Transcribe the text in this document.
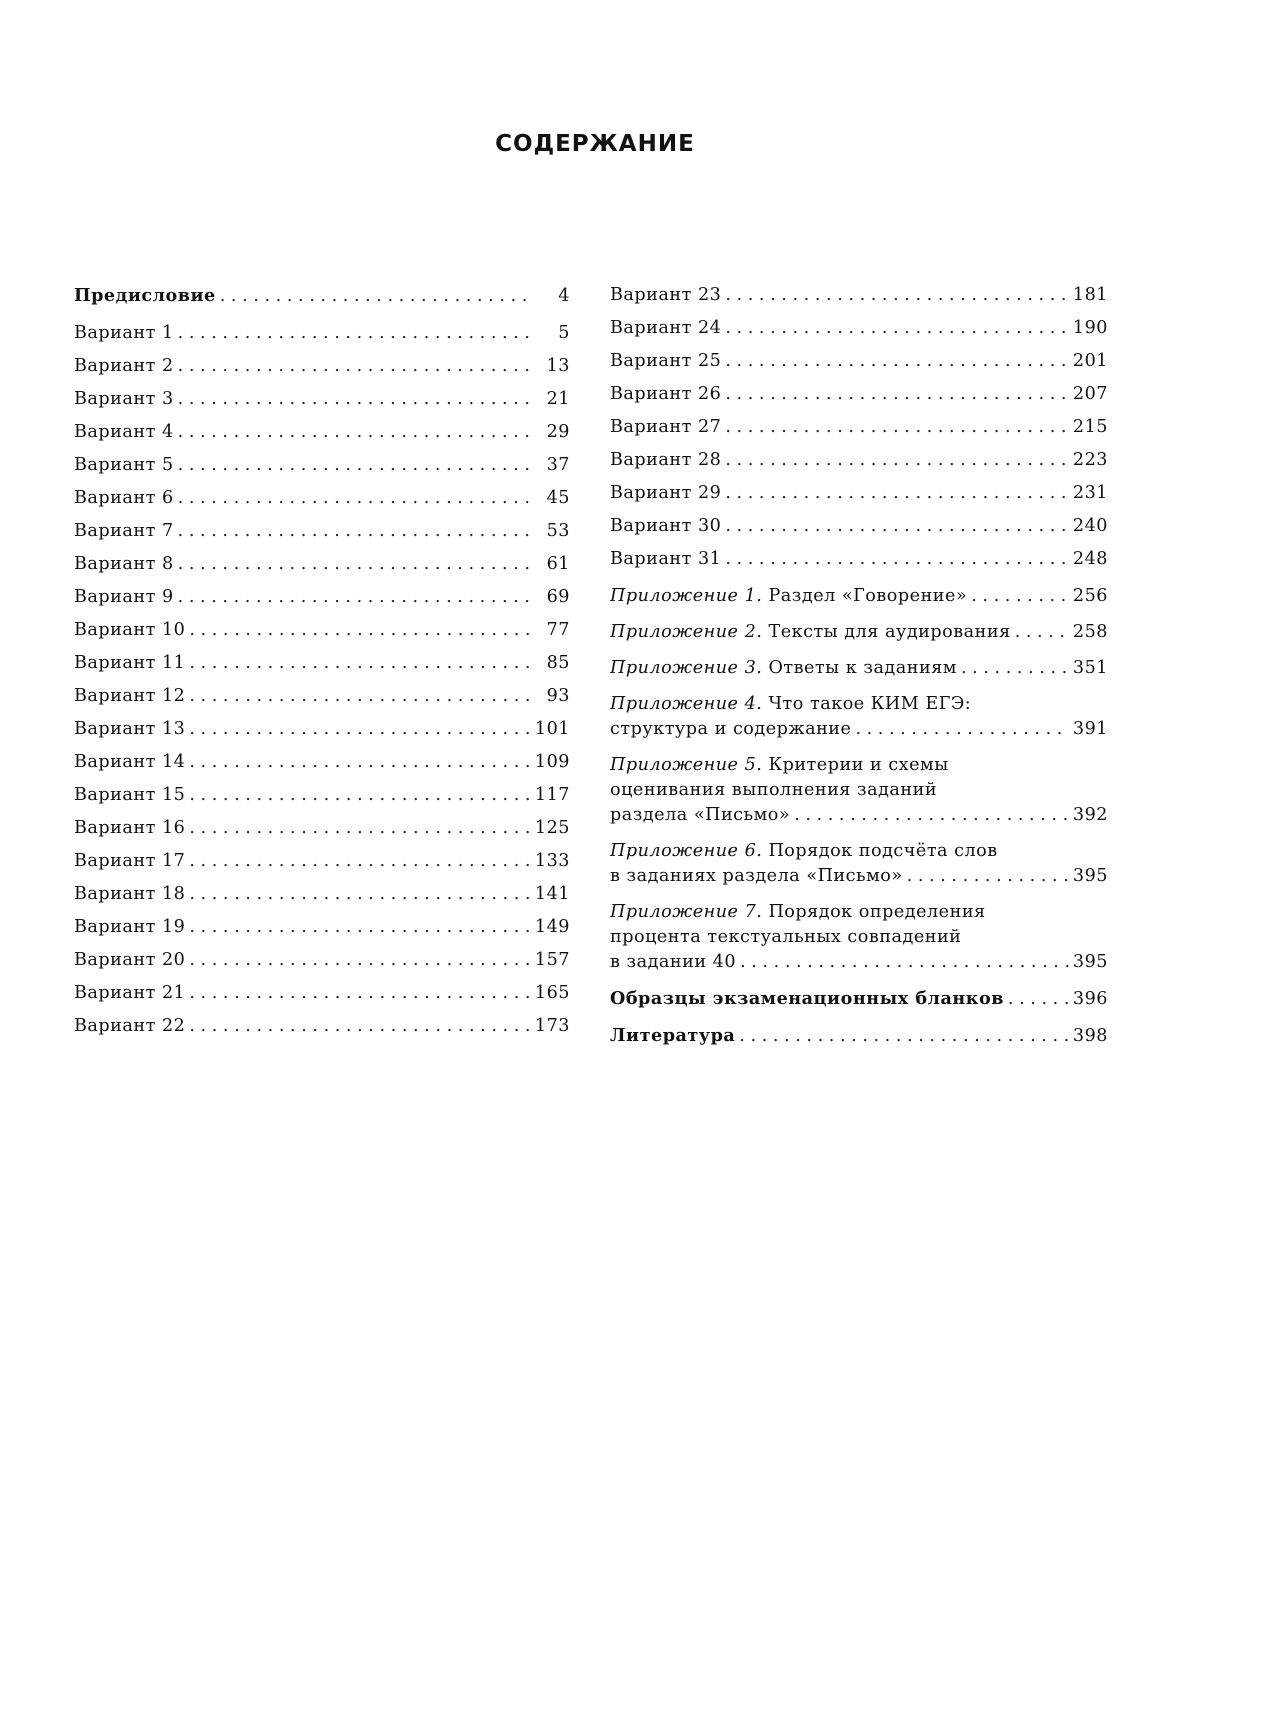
СОДЕРЖАНИЕ
Предисловие . . .	4
Вариант 1 . . .	5
Вариант 2 . . .	13
Вариант 3 . . .	21
Вариант 4 . . .	29
Вариант 5 . . .	37
Вариант 6 . . .	45
Вариант 7 . . .	53
Вариант 8 . . .	61
Вариант 9 . . .	69
Вариант 10 . . .	77
Вариант 11 . . .	85
Вариант 12 . . .	93
Вариант 13 . . .	101
Вариант 14 . . .	109
Вариант 15 . . .	117
Вариант 16 . . .	125
Вариант 17 . . .	133
Вариант 18 . . .	141
Вариант 19 . . .	149
Вариант 20 . . .	157
Вариант 21 . . .	165
Вариант 22 . . .	173
Вариант 23 . . .	181
Вариант 24 . . .	190
Вариант 25 . . .	201
Вариант 26 . . .	207
Вариант 27 . . .	215
Вариант 28 . . .	223
Вариант 29 . . .	231
Вариант 30 . . .	240
Вариант 31 . . .	248
Приложение 1. Раздел «Говорение» . . .	256
Приложение 2. Тексты для аудирования . . .	258
Приложение 3. Ответы к заданиям . . .	351
Приложение 4. Что такое КИМ ЕГЭ:
структура и содержание . . .	391
Приложение 5. Критерии и схемы
оценивания выполнения заданий
раздела «Письмо» . . .	392
Приложение 6. Порядок подсчёта слов
в заданиях раздела «Письмо» . . .	395
Приложение 7. Порядок определения
процента текстуальных совпадений
в задании 40 . . .	395
Образцы экзаменационных бланков . . .	396
Литература . . .	398
